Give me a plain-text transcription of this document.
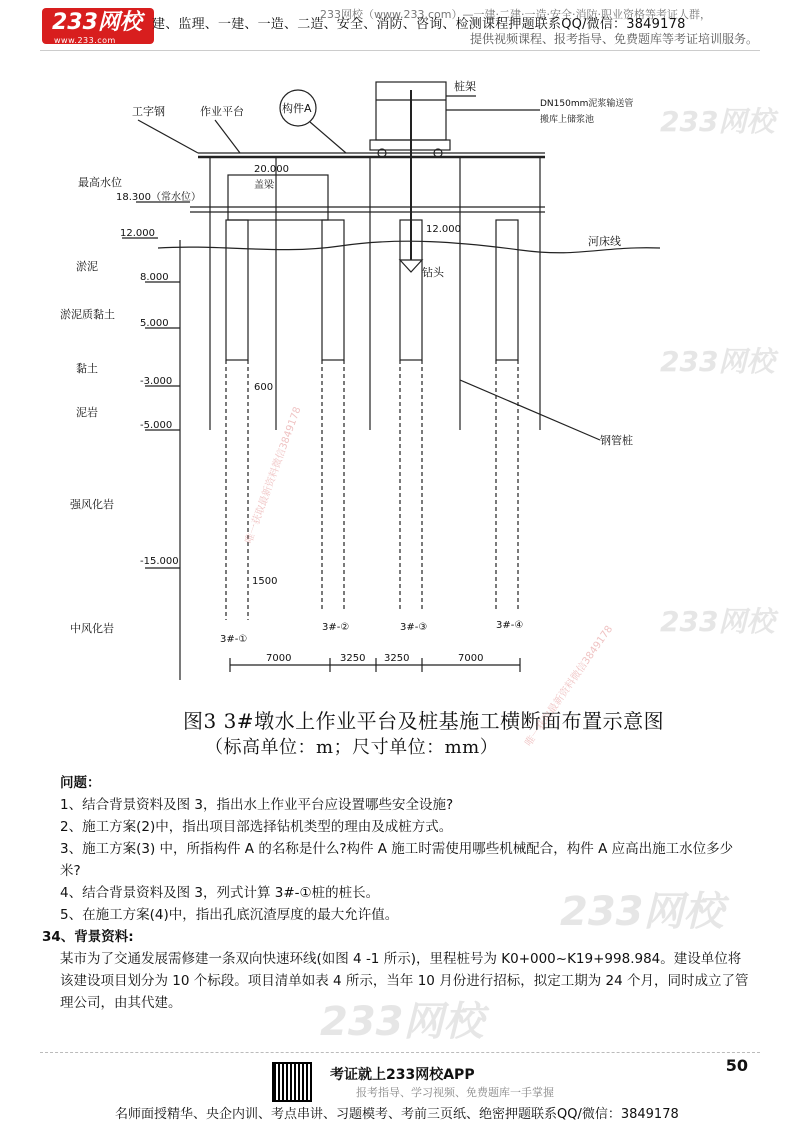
233网校
www.233.com
233网校（www.233.com）—一建·二建·一造·安全·消防·职业资格等考证人群，
建、监理、一建、一造、二造、安全、消防、咨询、检测课程押题联系QQ/微信：3849178
提供视频课程、报考指导、免费题库等考证培训服务。
工字钢	作业平台	构件A
桩架
DN150mm泥浆输送管
搬库上储浆池
最高水位
18.300（常水位）
20.000
盖梁
12.000	12.000
河床线
钻头
淤泥
8.000
淤泥质黏土
5.000
黏土
-3.000
泥岩
-5.000
600
钢管桩
强风化岩
-15.000
1500
中风化岩
3#-①
3#-②	3#-③	3#-④
7000	3250 3250	7000
233网校
233网校
233网校
233网校
233网校
唯一获取最新资料微信3849178
唯一获取最新资料微信3849178
图3 3#墩水上作业平台及桩基施工横断面布置示意图
（标高单位：m；尺寸单位：mm）
问题：

1、结合背景资料及图 3，指出水上作业平台应设置哪些安全设施?

2、施工方案(2)中，指出项目部选择钻机类型的理由及成桩方式。

3、施工方案(3) 中，所指构件 A 的名称是什么?构件 A 施工时需使用哪些机械配合，构件 A 应高出施工水位多少米?

4、结合背景资料及图 3，列式计算 3#-①桩的桩长。

5、在施工方案(4)中，指出孔底沉渣厚度的最大允许值。

34、背景资料:

某市为了交通发展需修建一条双向快速环线(如图 4 -1 所示)，里程桩号为 K0+000~K19+998.984。建设单位将该建设项目划分为 10 个标段。项目清单如表 4 所示，当年 10 月份进行招标，拟定工期为 24 个月，同时成立了管理公司，由其代建。

50
考证就上233网校APP
报考指导、学习视频、免费题库一手掌握
名师面授精华、央企内训、考点串讲、习题模考、考前三页纸、绝密押题联系QQ/微信：3849178
